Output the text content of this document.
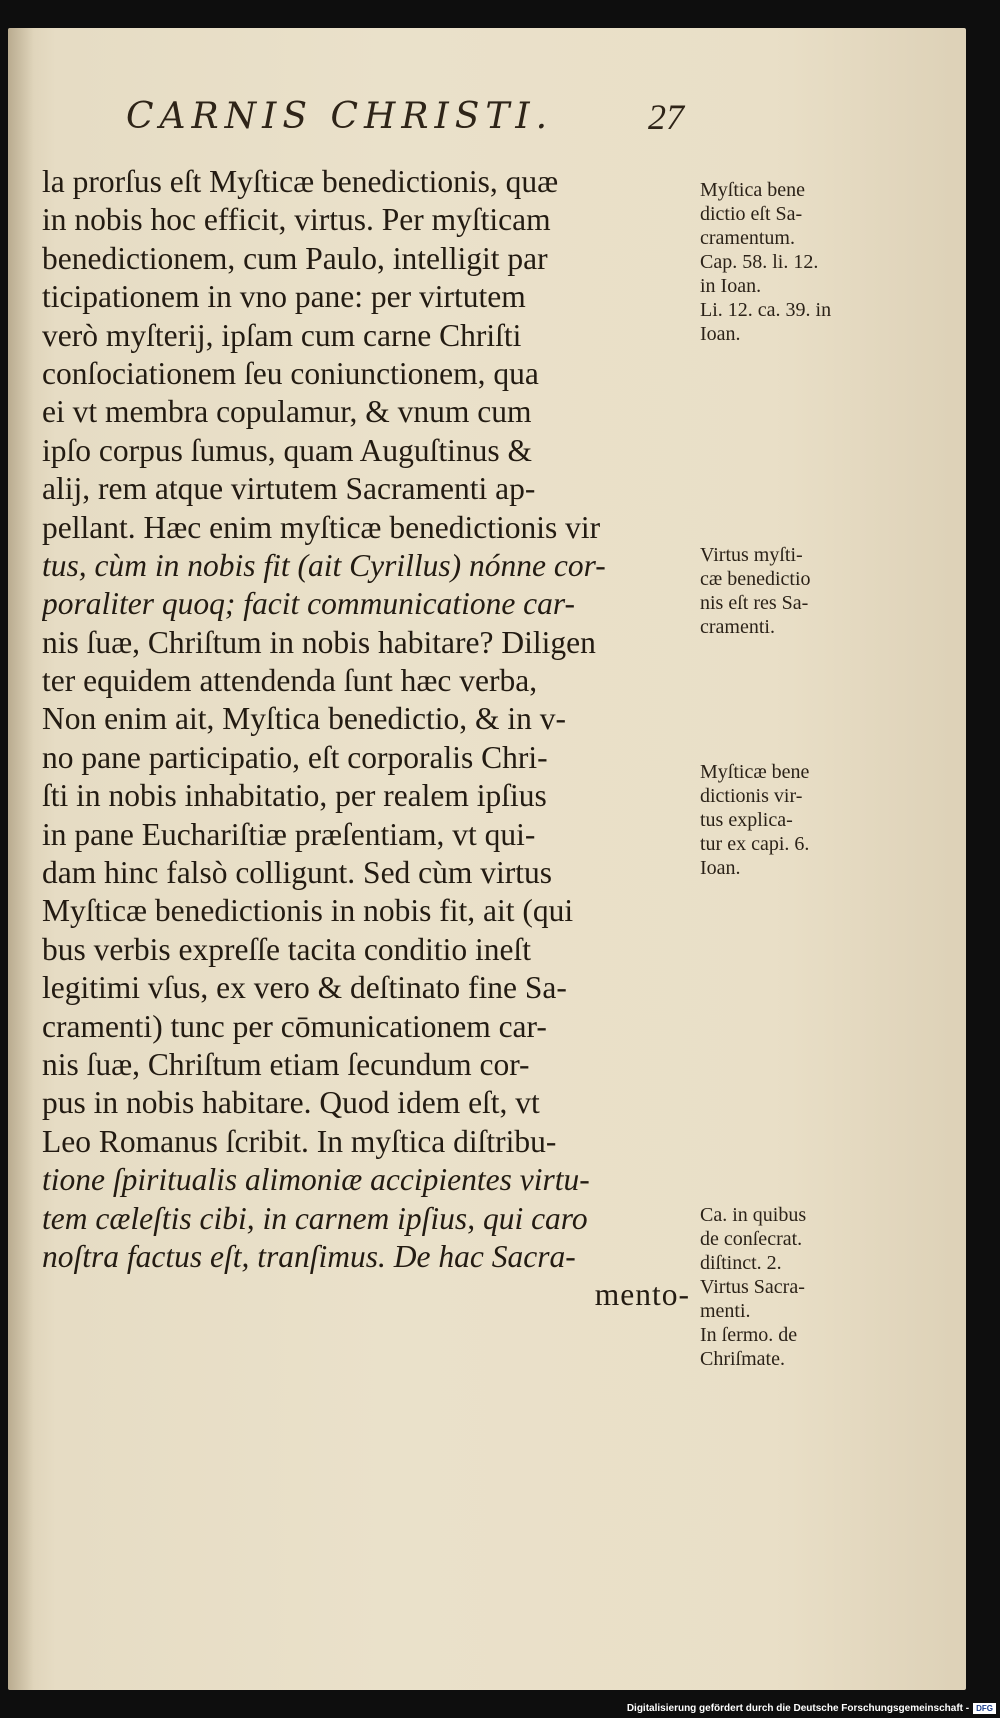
CARNIS CHRISTI.	27
la prorſus eſt Myſticæ benedictionis, quæ
in nobis hoc efficit, virtus. Per myſticam
benedictionem, cum Paulo, intelligit par
ticipationem in vno pane: per virtutem
verò myſterij, ipſam cum carne Chriſti
conſociationem ſeu coniunctionem, qua
ei vt membra copulamur, & vnum cum
ipſo corpus ſumus, quam Auguſtinus &
alij, rem atque virtutem Sacramenti ap-
pellant. Hæc enim myſticæ benedictionis vir
tus, cùm in nobis fit (ait Cyrillus) nónne cor-
poraliter quoq; facit communicatione car-
nis ſuæ, Chriſtum in nobis habitare? Diligen
ter equidem attendenda ſunt hæc verba,
Non enim ait, Myſtica benedictio, & in v-
no pane participatio, eſt corporalis Chri-
ſti in nobis inhabitatio, per realem ipſius
in pane Euchariſtiæ præſentiam, vt qui-
dam hinc falsò colligunt. Sed cùm virtus
Myſticæ benedictionis in nobis fit, ait (qui
bus verbis expreſſe tacita conditio ineſt
legitimi vſus, ex vero & deſtinato fine Sa-
cramenti) tunc per cōmunicationem car-
nis ſuæ, Chriſtum etiam ſecundum cor-
pus in nobis habitare. Quod idem eſt, vt
Leo Romanus ſcribit. In myſtica diſtribu-
tione ſpiritualis alimoniæ accipientes virtu-
tem cæleſtis cibi, in carnem ipſius, qui caro
noſtra factus eſt, tranſimus. De hac Sacra-
mento-
Myſtica bene
dictio eſt Sa-
cramentum.
Cap. 58. li. 12.
in Ioan.
Li. 12. ca. 39. in
Ioan.
Virtus myſti-
cæ benedictio
nis eſt res Sa-
cramenti.
Myſticæ bene
dictionis vir-
tus explica-
tur ex capi. 6.
Ioan.
Ca. in quibus
de conſecrat.
diſtinct. 2.
Virtus Sacra-
menti.
In ſermo. de
Chriſmate.
Digitalisierung gefördert durch die Deutsche Forschungsgemeinschaft - DFG
